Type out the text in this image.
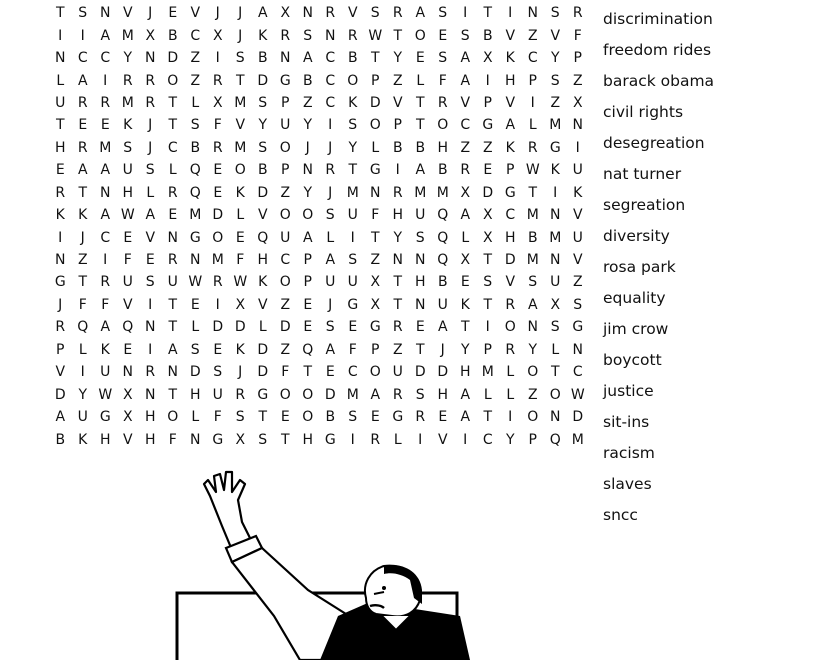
T S N V	J	E V	J	J	A X N R V S R A S	I	T	I	N S R
I	I	A M X B C X	J	K R S N R W T O E S B V Z V F
N C C Y N D Z	I	S B N A C B T Y E S A X K C Y P
L A	I	R R O Z R T D G B C O P Z L	F A	I	H P S Z
U R R M R T	L X M S P Z C K D V T R V P V	I	Z X
T E E K	J	T S	F V Y U Y	I	S O P	T O C G A L M N
H R M S	J	C B R M S O	J	J	Y	L B B H Z Z K R G	I
E A A U S	L Q E O B P N R T G	I	A B R E P W K U
R T N H L R Q E K D Z Y	J	M N R M M X D G T	I	K
K K A W A E M D L V O O S U F H U Q A X C M N V
I	J	C E V N G O E Q U A L	I	T Y S Q L X H B M U
N Z	I	F	E R N M F H C P A S Z N N Q X T D M N V
G T R U S U W R W K O P U U X T H B E S V S U Z
J	F	F V	I	T E	I	X V Z E	J	G X T N U K T R A X S
R Q A Q N T	L D D L D E S E G R E A T	I	O N S G
P	L	K E	I	A S E K D Z Q A F	P Z T	J	Y P R Y	L N
V	I	U N R N D S	J	D F	T E C O U D D H M L O T C
D Y W X N T H U R G O O D M A R S H A L	L Z O W
A U G X H O L	F	S T E O B S E G R E A T	I	O N D
B K H V H F N G X S T H G	I	R L	I	V	I	C Y P Q M
discrimination
freedom rides
barack obama
civil rights
desegreation
nat turner
segreation
diversity
rosa park
equality
jim crow
boycott
justice
sit-ins
racism
slaves
sncc
